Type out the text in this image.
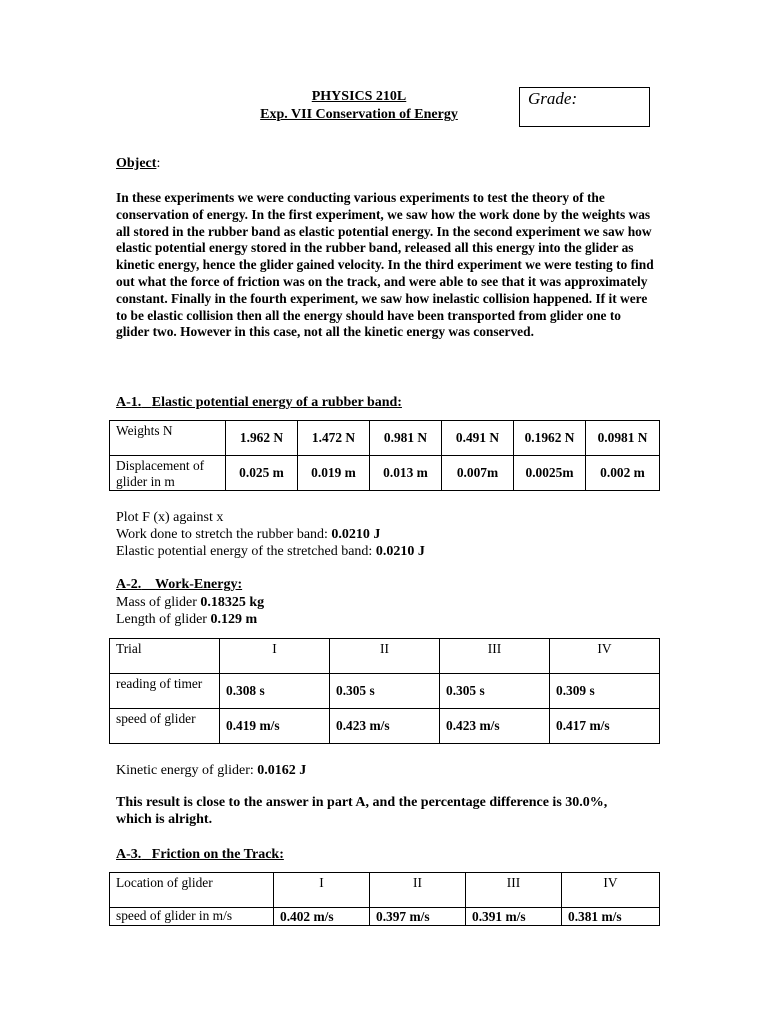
PHYSICS 210L
Exp. VII Conservation of Energy
Grade:
Object:
In these experiments we were conducting various experiments to test the theory of the conservation of energy. In the first experiment, we saw how the work done by the weights was all stored in the rubber band as elastic potential energy. In the second experiment we saw how elastic potential energy stored in the rubber band, released all this energy into the glider as kinetic energy, hence the glider gained velocity. In the third experiment we were testing to find out what the force of friction was on the track, and were able to see that it was approximately constant. Finally in the fourth experiment, we saw how inelastic collision happened. If it were to be elastic collision then all the energy should have been transported from glider one to glider two. However in this case, not all the kinetic energy was conserved.
A-1. Elastic potential energy of a rubber band:
Weights N	1.962 N	1.472 N	0.981 N	0.491 N	0.1962 N	0.0981 N
Displacement of glider in m	0.025 m	0.019 m	0.013 m	0.007m	0.0025m	0.002 m
Plot F (x) against x
Work done to stretch the rubber band: 0.0210 J
Elastic potential energy of the stretched band: 0.0210 J
A-2. Work-Energy:
Mass of glider 0.18325 kg
Length of glider 0.129 m
Trial	I	II	III	IV
reading of timer	0.308 s	0.305 s	0.305 s	0.309 s
speed of glider	0.419 m/s	0.423 m/s	0.423 m/s	0.417 m/s
Kinetic energy of glider: 0.0162 J
This result is close to the answer in part A, and the percentage difference is 30.0%, which is alright.
A-3. Friction on the Track:
Location of glider	I	II	III	IV
speed of glider in m/s	0.402 m/s	0.397 m/s	0.391 m/s	0.381 m/s
